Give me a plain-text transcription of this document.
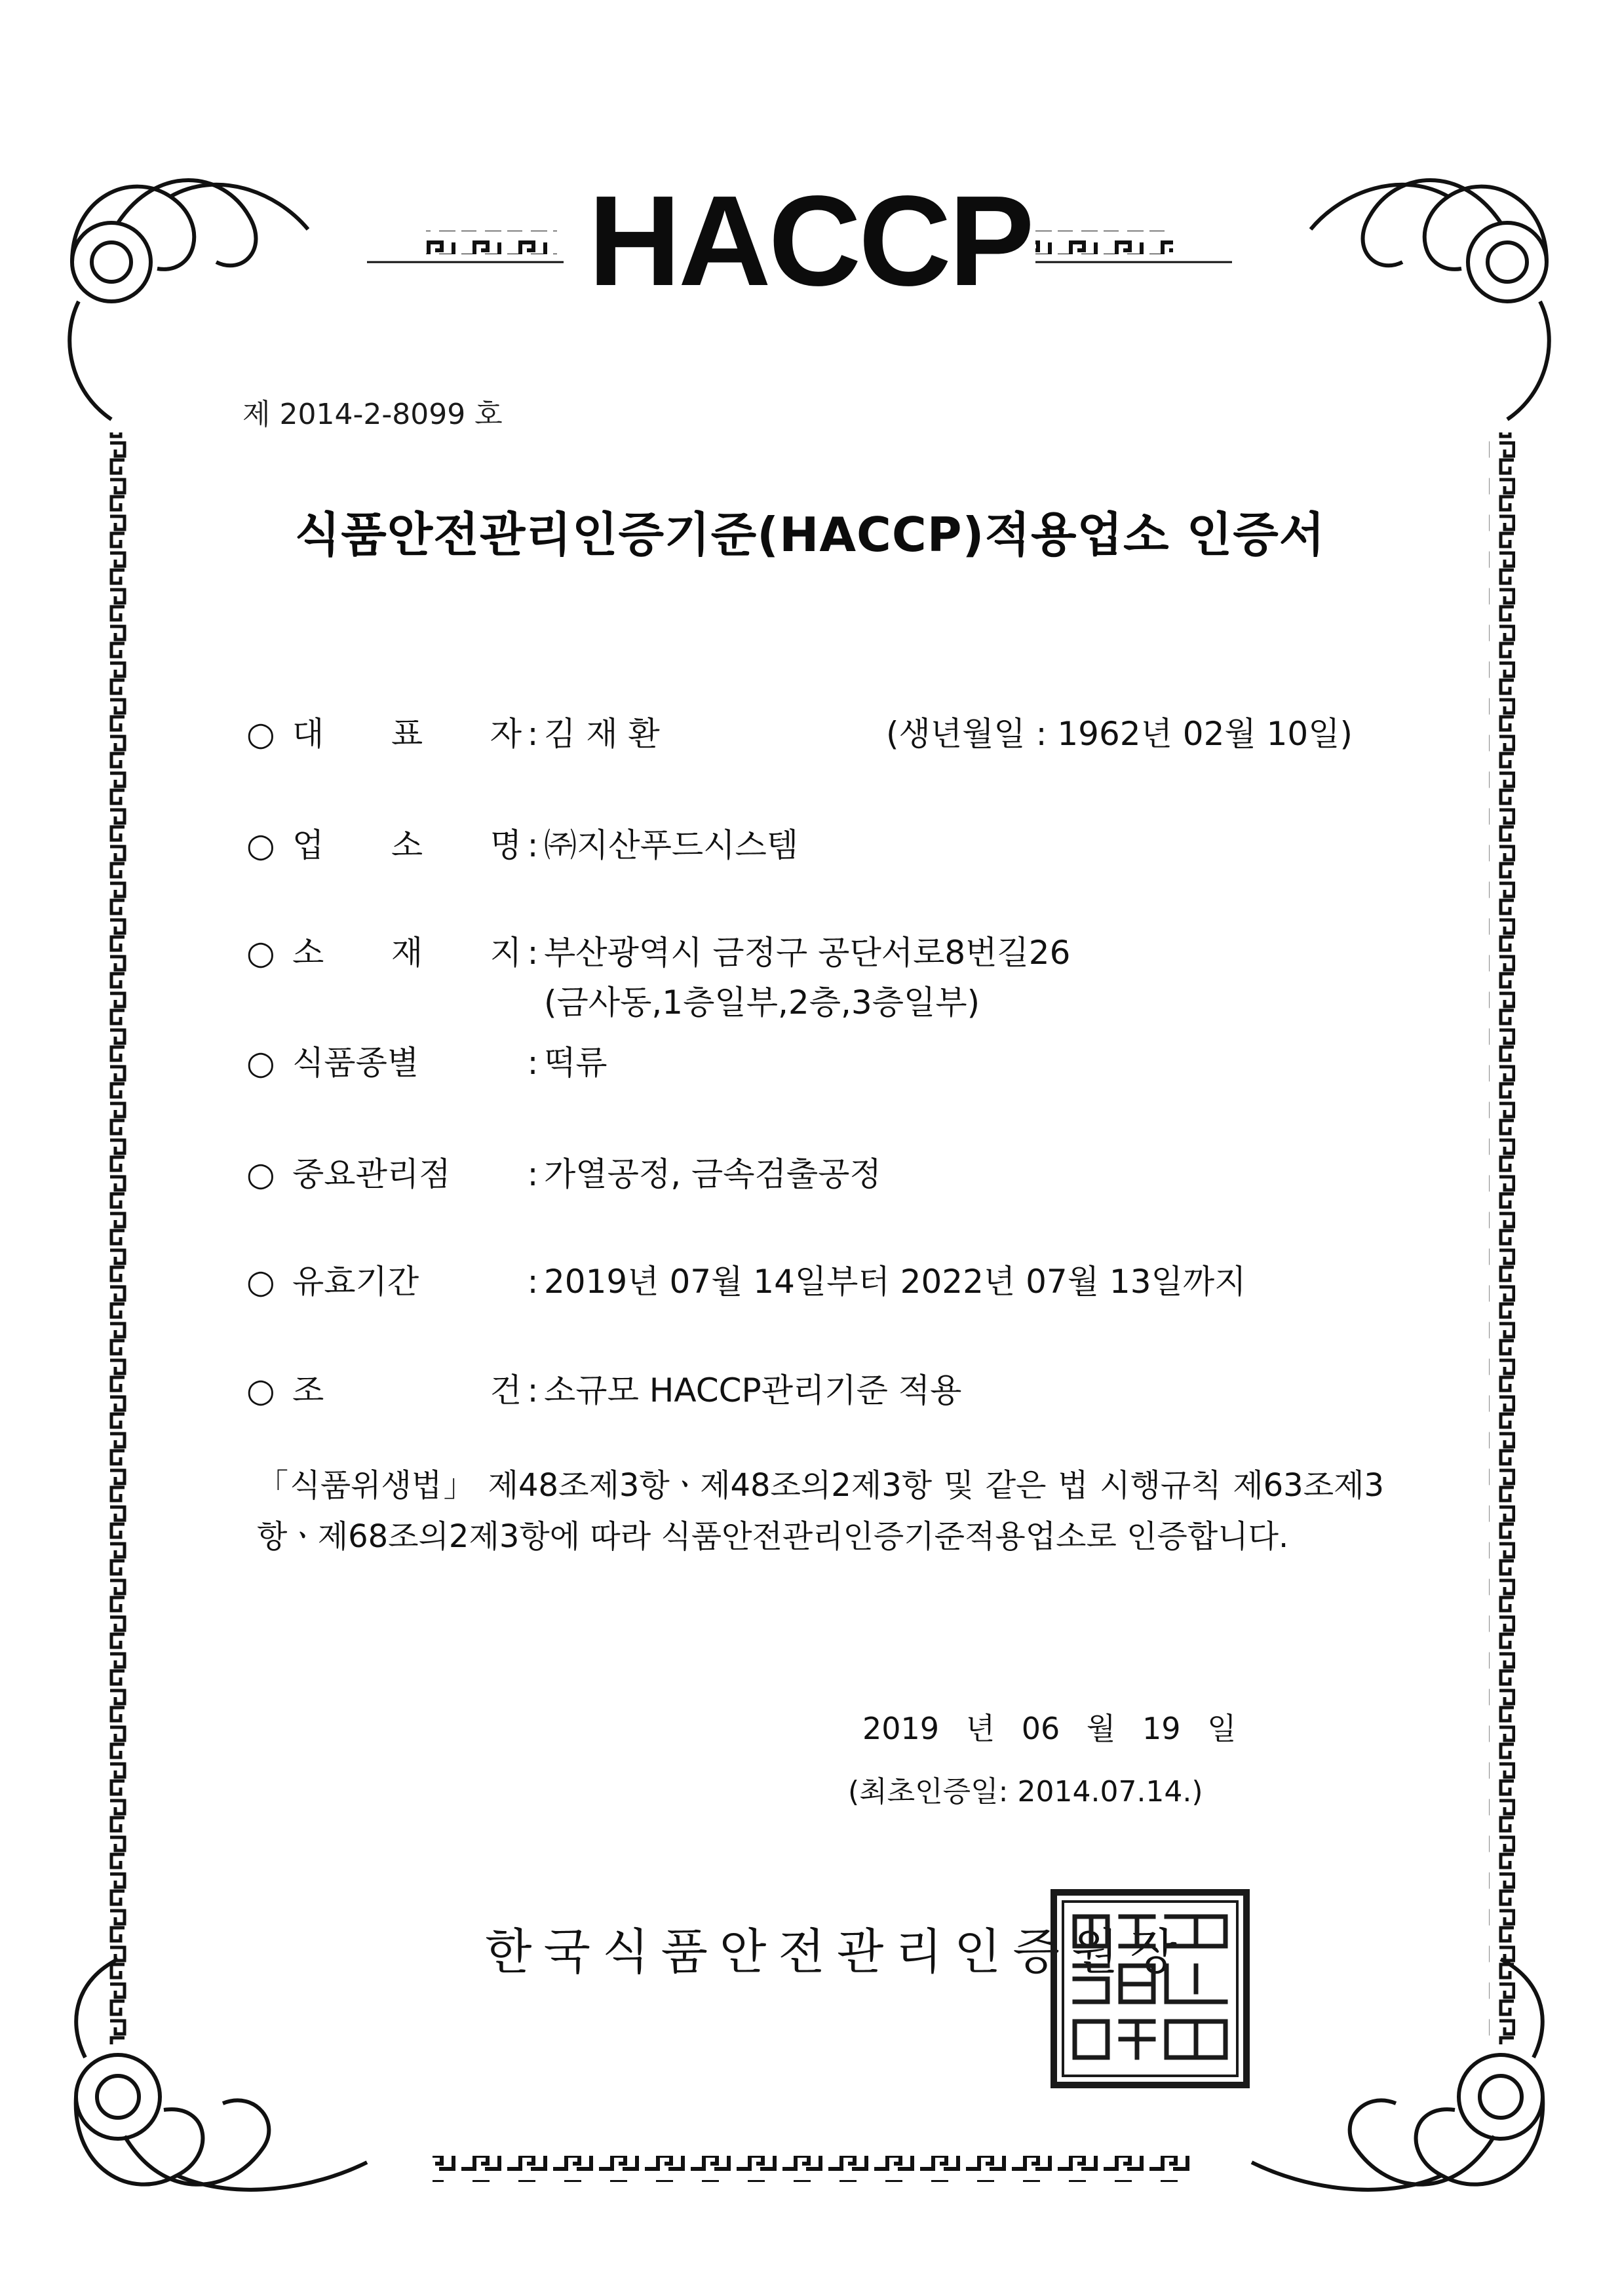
HACCP
제 2014-2-8099 호
식품안전관리인증기준(HACCP)적용업소 인증서
○ 대 표 자 : 김 재 환	(생년월일 : 1962년 02월 10일)
○ 업 소 명 : ㈜지산푸드시스템
○ 소 재 지 : 부산광역시 금정구 공단서로8번길26
(금사동,1층일부,2층,3층일부)
○ 식품종별	: 떡류
○ 중요관리점 : 가열공정, 금속검출공정
○ 유효기간	: 2019년 07월 14일부터 2022년 07월 13일까지
○ 조 건 : 소규모 HACCP관리기준 적용
「식품위생법」 제48조제3항ㆍ제48조의2제3항 및 같은 법 시행규칙 제63조제3항ㆍ제68조의2제3항에 따라 식품안전관리인증기준적용업소로 인증합니다.
2019 년 06 월 19 일
(최초인증일: 2014.07.14.)
한국식품안전관리인증원장
